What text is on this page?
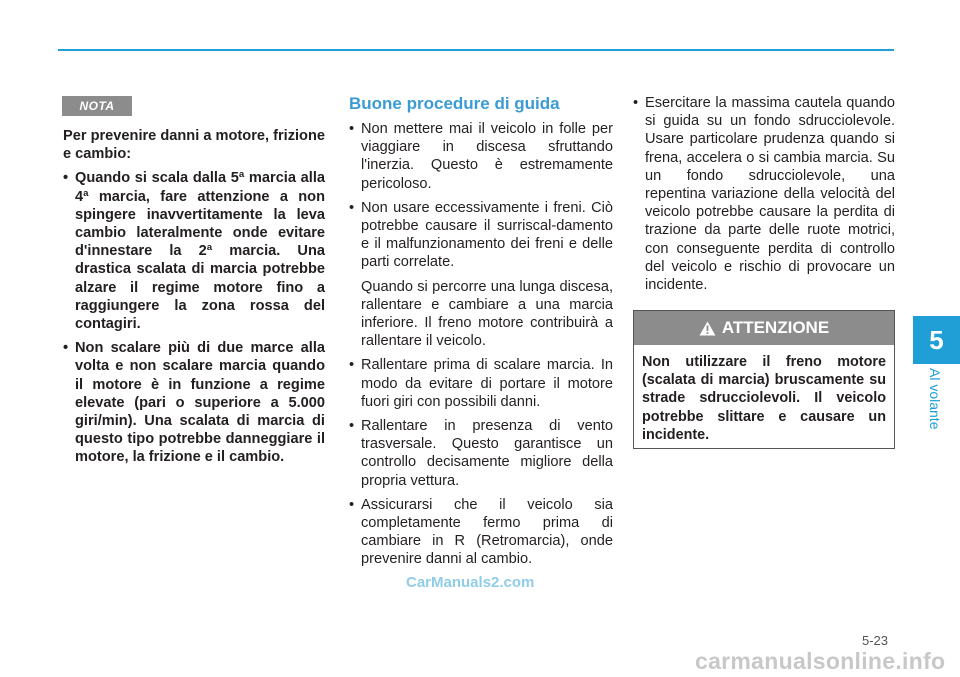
5
Al volante
NOTA

Per prevenire danni a motore, frizione e cambio:

• Quando si scala dalla 5ª marcia alla 4ª marcia, fare attenzione a non spingere inavvertitamente la leva cambio lateralmente onde evitare d'innestare la 2ª marcia. Una drastica scalata di marcia potrebbe alzare il regime motore fino a raggiungere la zona rossa del contagiri.
• Non scalare più di due marce alla volta e non scalare marcia quando il motore è in funzione a regime elevate (pari o superiore a 5.000 giri/min). Una scalata di marcia di questo tipo potrebbe danneggiare il motore, la frizione e il cambio.
Buone procedure di guida
• Non mettere mai il veicolo in folle per viaggiare in discesa sfruttando l'inerzia. Questo è estremamente pericoloso.
• Non usare eccessivamente i freni. Ciò potrebbe causare il surriscal-damento e il malfunzionamento dei freni e delle parti correlate.

Quando si percorre una lunga discesa, rallentare e cambiare a una marcia inferiore. Il freno motore contribuirà a rallentare il veicolo.

• Rallentare prima di scalare marcia. In modo da evitare di portare il motore fuori giri con possibili danni.
• Rallentare in presenza di vento trasversale. Questo garantisce un controllo decisamente migliore della propria vettura.
• Assicurarsi che il veicolo sia completamente fermo prima di cambiare in R (Retromarcia), onde prevenire danni al cambio.
• Esercitare la massima cautela quando si guida su un fondo sdrucciolevole. Usare particolare prudenza quando si frena, accelera o si cambia marcia. Su un fondo sdrucciolevole, una repentina variazione della velocità del veicolo potrebbe causare la perdita di trazione da parte delle ruote motrici, con conseguente perdita di controllo del veicolo e rischio di provocare un incidente.
ATTENZIONE
Non utilizzare il freno motore (scalata di marcia) bruscamente su strade sdrucciolevoli. Il veicolo potrebbe slittare e causare un incidente.
CarManuals2.com
5-23
carmanualsonline.info
